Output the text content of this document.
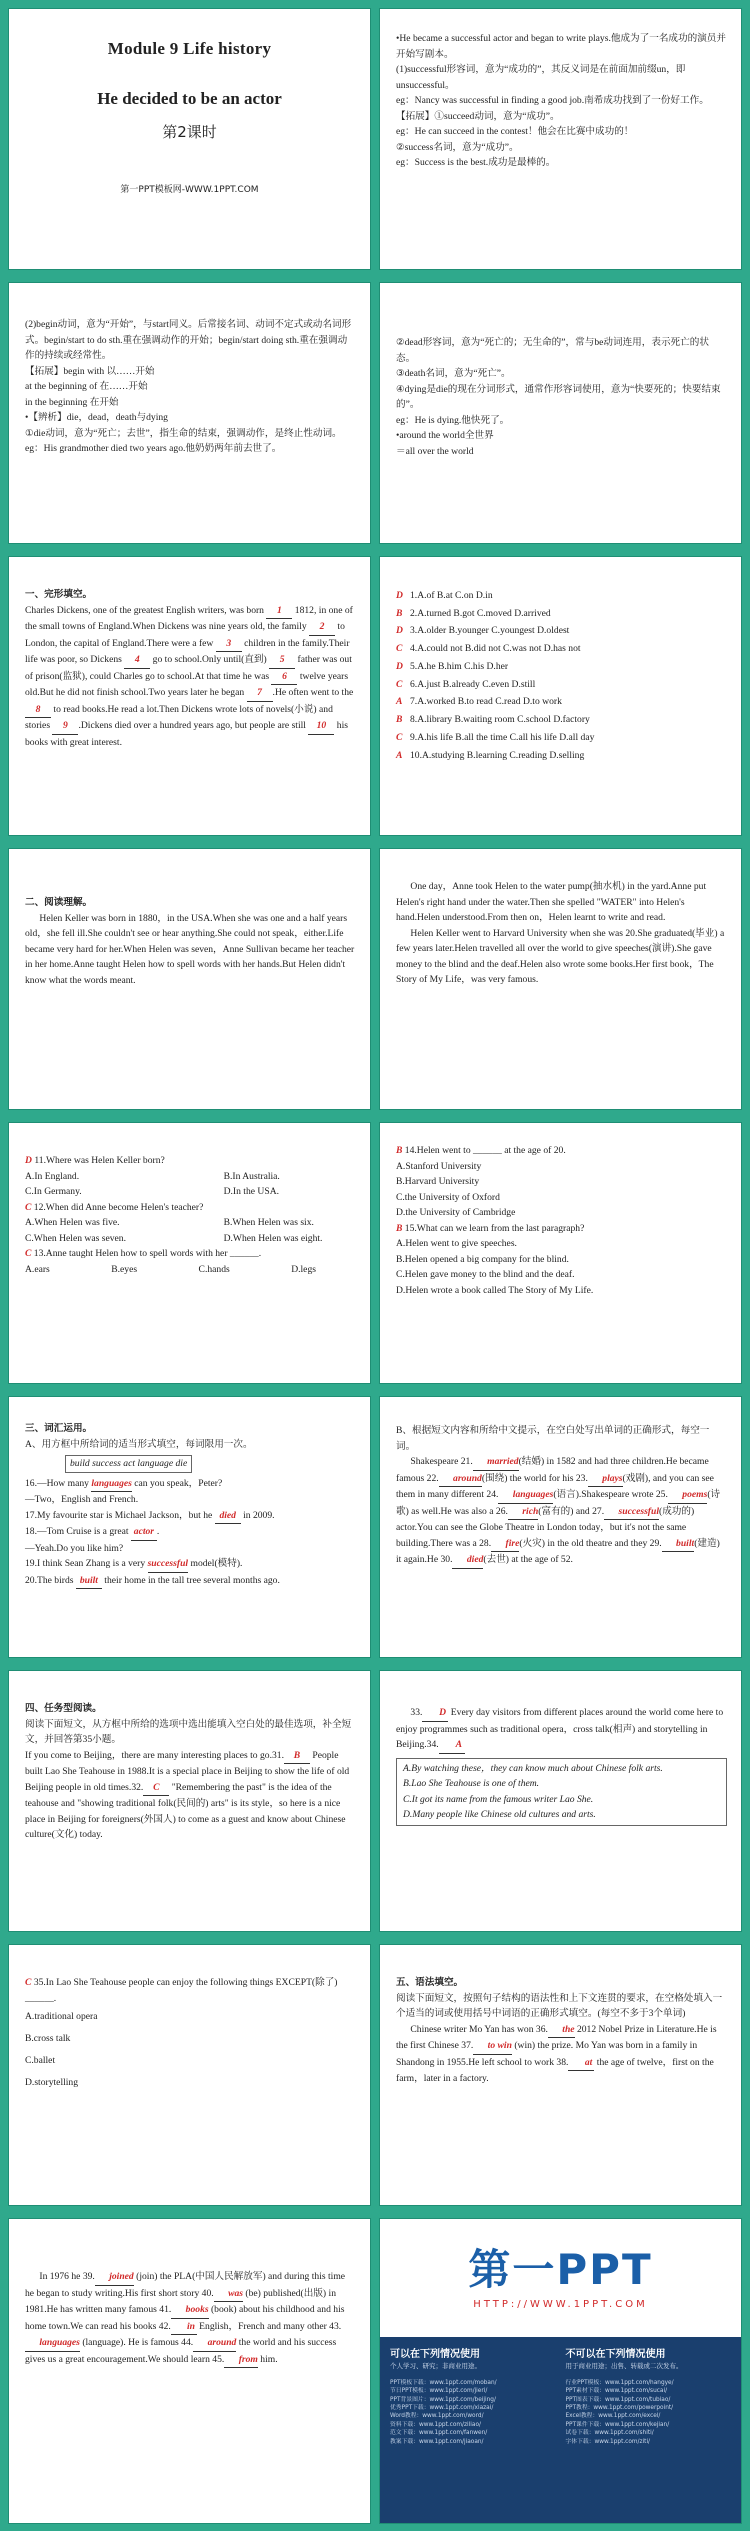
Module 9 Life history
He decided to be an actor
第2课时
第一PPT模板网-WWW.1PPT.COM

•He became a successful actor and began to write plays.他成为了一名成功的演员并开始写剧本。

(1)successful形容词，意为“成功的”，其反义词是在前面加前缀un，即unsuccessful。

eg：Nancy was successful in finding a good job.南希成功找到了一份好工作。

【拓展】①succeed动词，意为“成功”。

eg：He can succeed in the contest！他会在比赛中成功的！

②success名词，意为“成功”。

eg：Success is the best.成功是最棒的。

(2)begin动词，意为“开始”，与start同义。后常接名词、动词不定式或动名词形式。begin/start to do sth.重在强调动作的开始；begin/start doing sth.重在强调动作的持续或经常性。

【拓展】begin with 以……开始

at the beginning of 在……开始

in the beginning 在开始

•【辨析】die，dead，death与dying

①die动词，意为“死亡；去世”，指生命的结束，强调动作，是终止性动词。

eg：His grandmother died two years ago.他奶奶两年前去世了。

②dead形容词，意为“死亡的；无生命的”，常与be动词连用，表示死亡的状态。

③death名词，意为“死亡”。

④dying是die的现在分词形式，通常作形容词使用，意为“快要死的；快要结束的”。

eg：He is dying.他快死了。

•around the world全世界

＝all over the world

一、完形填空。

Charles Dickens, one of the greatest English writers, was born 1 1812, in one of the small towns of England.When Dickens was nine years old, the family 2 to London, the capital of England.There were a few 3 children in the family.Their life was poor, so Dickens 4 go to school.Only until(直到) 5 father was out of prison(监狱), could Charles go to school.At that time he was 6 twelve years old.But he did not finish school.Two years later he began 7 .He often went to the 8 to read books.He read a lot.Then Dickens wrote lots of novels(小说) and stories 9 .Dickens died over a hundred years ago, but people are still 10 his books with great interest.

D 1.A.of B.at C.on D.in
B 2.A.turned B.got C.moved D.arrived
D 3.A.older B.younger C.youngest D.oldest
C 4.A.could not B.did not C.was not D.has not
D 5.A.he B.him C.his D.her
C 6.A.just B.already C.even D.still
A 7.A.worked B.to read C.read D.to work
B 8.A.library B.waiting room C.school D.factory
C 9.A.his life B.all the time C.all his life D.all day
A 10.A.studying B.learning C.reading D.selling

二、阅读理解。

Helen Keller was born in 1880，in the USA.When she was one and a half years old，she fell ill.She couldn't see or hear anything.She could not speak，either.Life became very hard for her.When Helen was seven，Anne Sullivan became her teacher in her home.Anne taught Helen how to spell words with her hands.But Helen didn't know what the words meant.

One day，Anne took Helen to the water pump(抽水机) in the yard.Anne put Helen's right hand under the water.Then she spelled "WATER" into Helen's hand.Helen understood.From then on，Helen learnt to write and read.

Helen Keller went to Harvard University when she was 20.She graduated(毕业) a few years later.Helen travelled all over the world to give speeches(演讲).She gave money to the blind and the deaf.Helen also wrote some books.Her first book，The Story of My Life，was very famous.

D 11.Where was Helen Keller born?

A.In England.	B.In Australia.
C.In Germany.	D.In the USA.

C 12.When did Anne become Helen's teacher?

A.When Helen was five.	B.When Helen was six.
C.When Helen was seven.	D.When Helen was eight.

C 13.Anne taught Helen how to spell words with her ______.

A.ears	B.eyes	C.hands	D.legs

B 14.Helen went to ______ at the age of 20.

A.Stanford University

B.Harvard University

C.the University of Oxford

D.the University of Cambridge

B 15.What can we learn from the last paragraph?

A.Helen went to give speeches.

B.Helen opened a big company for the blind.

C.Helen gave money to the blind and the deaf.

D.Helen wrote a book called The Story of My Life.

三、词汇运用。

A、用方框中所给词的适当形式填空，每词限用一次。

build success act language die

16.—How many languages can you speak，Peter?

—Two，English and French.

17.My favourite star is Michael Jackson，but he died in 2009.

18.—Tom Cruise is a great actor .

—Yeah.Do you like him?

19.I think Sean Zhang is a very successful model(模特).

20.The birds built their home in the tall tree several months ago.

B、根据短文内容和所给中文提示，在空白处写出单词的正确形式，每空一词。

Shakespeare 21. married(结婚) in 1582 and had three children.He became famous 22. around(围绕) the world for his 23. plays(戏剧), and you can see them in many different 24. languages(语言).Shakespeare wrote 25. poems(诗歌) as well.He was also a 26. rich(富有的) and 27. successful(成功的) actor.You can see the Globe Theatre in London today，but it's not the same building.There was a 28. fire(火灾) in the old theatre and they 29. built(建造) it again.He 30. died(去世) at the age of 52.

四、任务型阅读。

阅读下面短文，从方框中所给的选项中选出能填入空白处的最佳选项，补全短文，并回答第35小题。

If you come to Beijing，there are many interesting places to go.31. B People built Lao She Teahouse in 1988.It is a special place in Beijing to show the life of old Beijing people in old times.32. C "Remembering the past" is the idea of the teahouse and "showing traditional folk(民间的) arts" is its style，so here is a nice place in Beijing for foreigners(外国人) to come as a guest and know about Chinese culture(文化) today.

33. D Every day visitors from different places around the world come here to enjoy programmes such as traditional opera，cross talk(相声) and storytelling in Beijing.34. A

A.By watching these，they can know much about Chinese folk arts.

B.Lao She Teahouse is one of them.

C.It got its name from the famous writer Lao She.

D.Many people like Chinese old cultures and arts.

C 35.In Lao She Teahouse people can enjoy the following things EXCEPT(除了) ______.

A.traditional opera

B.cross talk

C.ballet

D.storytelling

五、语法填空。

阅读下面短文，按照句子结构的语法性和上下文连贯的要求，在空格处填入一个适当的词或使用括号中词语的正确形式填空。(每空不多于3个单词)

Chinese writer Mo Yan has won 36. the 2012 Nobel Prize in Literature.He is the first Chinese 37. to win (win) the prize. Mo Yan was born in a family in Shandong in 1955.He left school to work 38. at the age of twelve，first on the farm，later in a factory.

In 1976 he 39. joined (join) the PLA(中国人民解放军) and during this time he began to study writing.His first short story 40. was (be) published(出版) in 1981.He has written many famous 41. books (book) about his childhood and his home town.We can read his books 42. in English，French and many other 43.languages (language). He is famous 44. around the world and his success gives us a great encouragement.We should learn 45. from him.

第一PPT
HTTP://WWW.1PPT.COM
可以在下列情况使用
个人学习、研究；非商业用途。
不可以在下列情况使用
用于商业用途；出售、转载或二次发布。
PPT模板下载：www.1ppt.com/moban/
节日PPT模板：www.1ppt.com/jieri/
PPT背景图片：www.1ppt.com/beijing/
优秀PPT下载：www.1ppt.com/xiazai/
Word教程：www.1ppt.com/word/
资料下载：www.1ppt.com/ziliao/
范文下载：www.1ppt.com/fanwen/
教案下载：www.1ppt.com/jiaoan/
行业PPT模板：www.1ppt.com/hangye/
PPT素材下载：www.1ppt.com/sucai/
PPT图表下载：www.1ppt.com/tubiao/
PPT教程：www.1ppt.com/powerpoint/
Excel教程：www.1ppt.com/excel/
PPT课件下载：www.1ppt.com/kejian/
试卷下载：www.1ppt.com/shiti/
字体下载：www.1ppt.com/ziti/
